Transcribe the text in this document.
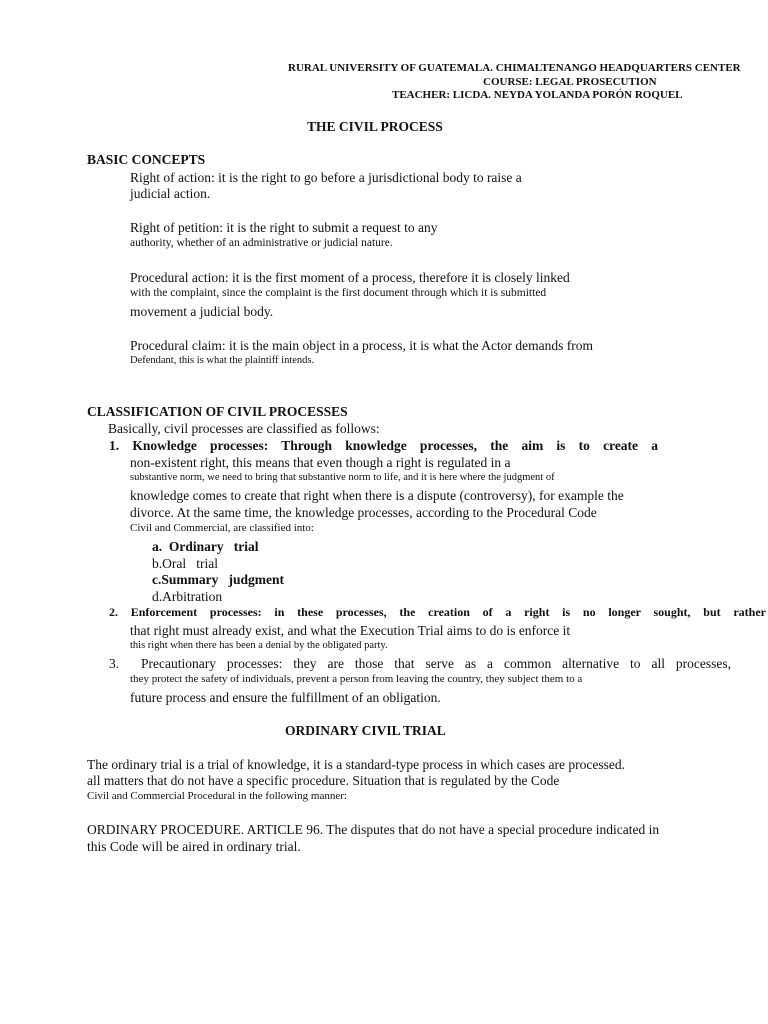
RURAL UNIVERSITY OF GUATEMALA. CHIMALTENANGO HEADQUARTERS CENTER
COURSE: LEGAL PROSECUTION
TEACHER: LICDA. NEYDA YOLANDA PORÓN ROQUEL
THE CIVIL PROCESS
BASIC CONCEPTS
Right of action: it is the right to go before a jurisdictional body to raise a
judicial action.
Right of petition: it is the right to submit a request to any
authority, whether of an administrative or judicial nature.
Procedural action: it is the first moment of a process, therefore it is closely linked
with the complaint, since the complaint is the first document through which it is submitted
movement a judicial body.
Procedural claim: it is the main object in a process, it is what the Actor demands from
Defendant, this is what the plaintiff intends.
CLASSIFICATION OF CIVIL PROCESSES
Basically, civil processes are classified as follows:
1. Knowledge processes: Through knowledge processes, the aim is to create a
non-existent right, this means that even though a right is regulated in a
substantive norm, we need to bring that substantive norm to life, and it is here where the judgment of
knowledge comes to create that right when there is a dispute (controversy), for example the
divorce. At the same time, the knowledge processes, according to the Procedural Code
Civil and Commercial, are classified into:
a.  Ordinary   trial
b.Oral   trial
c.Summary   judgment
d.Arbitration
2. Enforcement processes: in these processes, the creation of a right is no longer sought, but rather
that right must already exist, and what the Execution Trial aims to do is enforce it
this right when there has been a denial by the obligated party.
3.  Precautionary processes: they are those that serve as a common alternative to all processes,
they protect the safety of individuals, prevent a person from leaving the country, they subject them to a
future process and ensure the fulfillment of an obligation.
ORDINARY CIVIL TRIAL
The ordinary trial is a trial of knowledge, it is a standard-type process in which cases are processed.
all matters that do not have a specific procedure. Situation that is regulated by the Code
Civil and Commercial Procedural in the following manner:
ORDINARY PROCEDURE. ARTICLE 96. The disputes that do not have a special procedure indicated in
this Code will be aired in ordinary trial.
